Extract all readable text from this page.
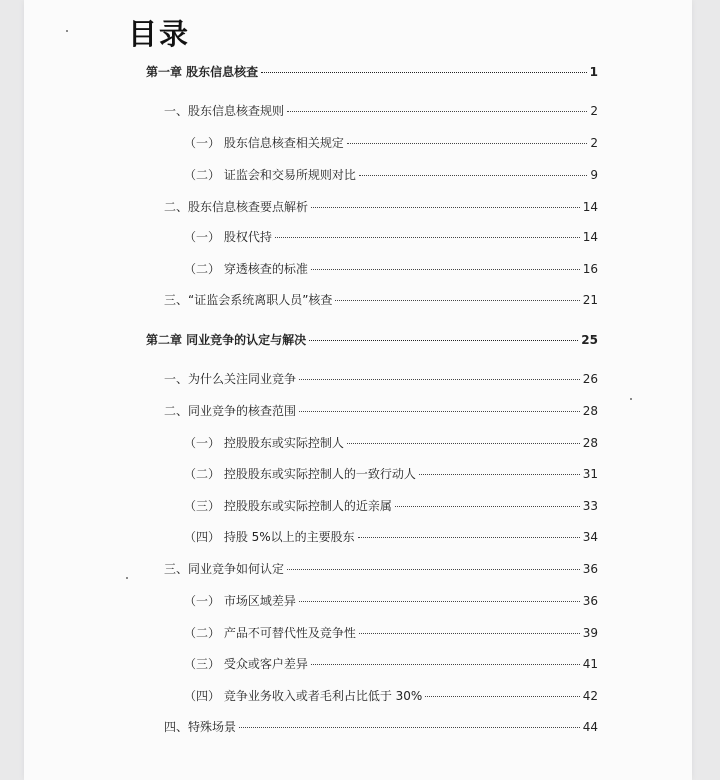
目录
第一章 股东信息核查	1
一、股东信息核查规则	2
（一） 股东信息核查相关规定	2
（二） 证监会和交易所规则对比	9
二、股东信息核查要点解析	14
（一） 股权代持	14
（二） 穿透核查的标准	16
三、“证监会系统离职人员”核查	21
第二章 同业竞争的认定与解决	25
一、为什么关注同业竞争	26
二、同业竞争的核查范围	28
（一） 控股股东或实际控制人	28
（二） 控股股东或实际控制人的一致行动人	31
（三） 控股股东或实际控制人的近亲属	33
（四） 持股 5%以上的主要股东	34
三、同业竞争如何认定	36
（一） 市场区域差异	36
（二） 产品不可替代性及竞争性	39
（三） 受众或客户差异	41
（四） 竞争业务收入或者毛利占比低于 30%	42
四、特殊场景	44
